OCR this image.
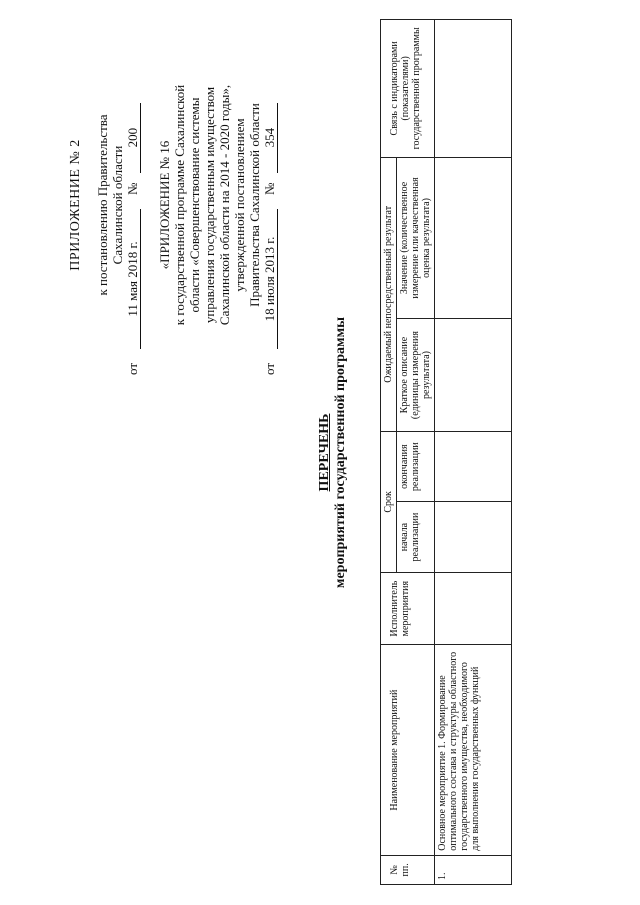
ПРИЛОЖЕНИЕ № 2 к постановлению Правительства Сахалинской области
от
11 мая 2018 г.
№
200
«ПРИЛОЖЕНИЕ № 16 к государственной программе Сахалинской области «Совершенствование системы управления государственным имуществом Сахалинской области на 2014 - 2020 годы», утвержденной постановлением Правительства Сахалинской области
от
18 июля 2013 г.
№
354
ПЕРЕЧЕНЬ мероприятий государственной программы
№ пп.	Наименование мероприятий	Исполнитель мероприятия	Срок		Ожидаемый непосредственный результат		Связь с индикаторами (показателями) государственной программы
			начала реализации	окончания реализации	Краткое описание (единицы измерения результата)	Значение (количественное измерение или качественная оценка результата)	
1.	Основное мероприятие 1. Формирование оптимального состава и структуры областного государственного имущества, необходимого для выполнения государственных функций						
